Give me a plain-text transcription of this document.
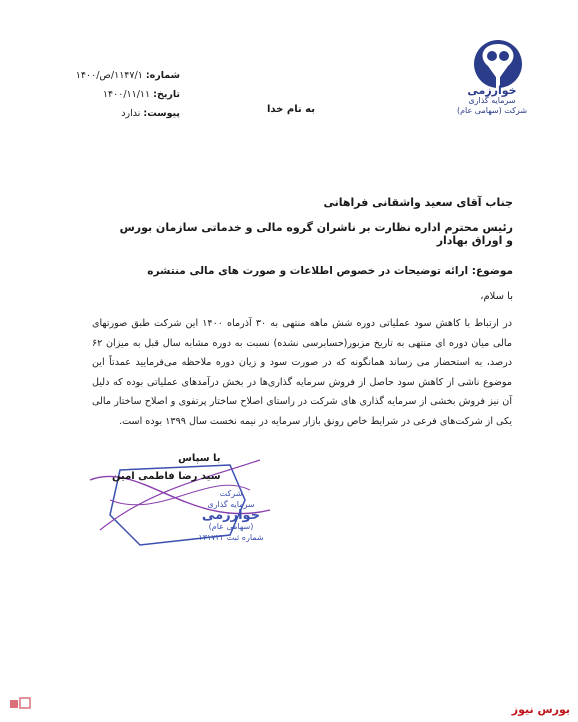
خوارزمی
سرمایه گذاری
شرکت (سهامی عام)
شماره: ۱۱۴۷/۱/ص/۱۴۰۰
تاریخ: ۱۴۰۰/۱۱/۱۱
پیوست: ندارد	به نام خدا
جناب آقای سعید واشقانی فراهانی
رئیس محترم اداره نظارت بر ناشران گروه مالی و خدماتی سازمان بورس و اوراق بهادار
موضوع: ارائه توضیحات در خصوص اطلاعات و صورت های مالی منتشره
با سلام،
در ارتباط با کاهش سود عملیاتی دوره شش ماهه منتهی به ۳۰ آذرماه ۱۴۰۰ این شرکت طبق صورتهای مالی میان دوره ای منتهی به تاریخ مزبور(حسابرسی نشده) نسبت به دوره مشابه سال قبل به میزان ۶۲ درصد، به استحضار می رساند همانگونه که در صورت سود و زیان دوره ملاحظه می‌فرمایید عمدتاً این موضوع ناشی از کاهش سود حاصل از فروش سرمایه گذاری‌ها در بخش درآمدهای عملیاتی بوده که دلیل آن نیز فروش بخشی از سرمایه گذاری های شرکت در راستای اصلاح ساختار پرتفوی و اصلاح ساختار مالی یکی از شرکت‌های فرعی در شرایط خاص رونق بازار سرمایه در نیمه نخست سال ۱۳۹۹ بوده است.
با سپاس
سید رضا فاطمی امین
شرکت
سرمایه گذاری
خوارزمی
(سهامی عام)
شماره ثبت ۱۳۱۷۲۲
بورس نیوز
